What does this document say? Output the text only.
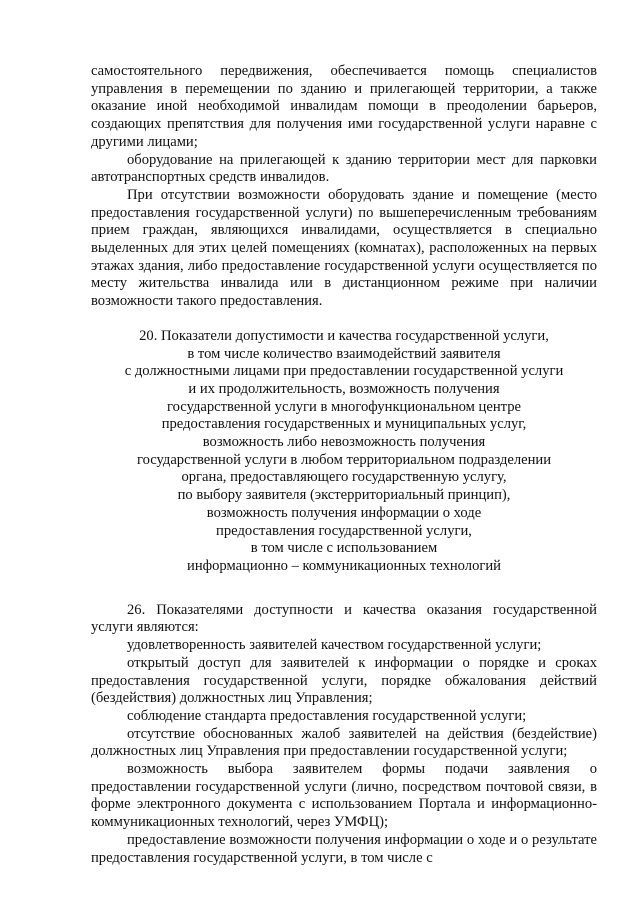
самостоятельного передвижения, обеспечивается помощь специалистов управления в перемещении по зданию и прилегающей территории, а также оказание иной необходимой инвалидам помощи в преодолении барьеров, создающих препятствия для получения ими государственной услуги наравне с другими лицами;

оборудование на прилегающей к зданию территории мест для парковки автотранспортных средств инвалидов.

При отсутствии возможности оборудовать здание и помещение (место предоставления государственной услуги) по вышеперечисленным требованиям прием граждан, являющихся инвалидами, осуществляется в специально выделенных для этих целей помещениях (комнатах), расположенных на первых этажах здания, либо предоставление государственной услуги осуществляется по месту жительства инвалида или в дистанционном режиме при наличии возможности такого предоставления.

20. Показатели допустимости и качества государственной услуги,
в том числе количество взаимодействий заявителя
с должностными лицами при предоставлении государственной услуги
и их продолжительность, возможность получения
государственной услуги в многофункциональном центре
предоставления государственных и муниципальных услуг,
возможность либо невозможность получения
государственной услуги в любом территориальном подразделении
органа, предоставляющего государственную услугу,
по выбору заявителя (экстерриториальный принцип),
возможность получения информации о ходе
предоставления государственной услуги,
в том числе с использованием
информационно – коммуникационных технологий

26. Показателями доступности и качества оказания государственной услуги являются:

удовлетворенность заявителей качеством государственной услуги;

открытый доступ для заявителей к информации о порядке и сроках предоставления государственной услуги, порядке обжалования действий (бездействия) должностных лиц Управления;

соблюдение стандарта предоставления государственной услуги;

отсутствие обоснованных жалоб заявителей на действия (бездействие) должностных лиц Управления при предоставлении государственной услуги;

возможность выбора заявителем формы подачи заявления о предоставлении государственной услуги (лично, посредством почтовой связи, в форме электронного документа с использованием Портала и информационно-коммуникационных технологий, через УМФЦ);

предоставление возможности получения информации о ходе и о результате предоставления государственной услуги, в том числе с
